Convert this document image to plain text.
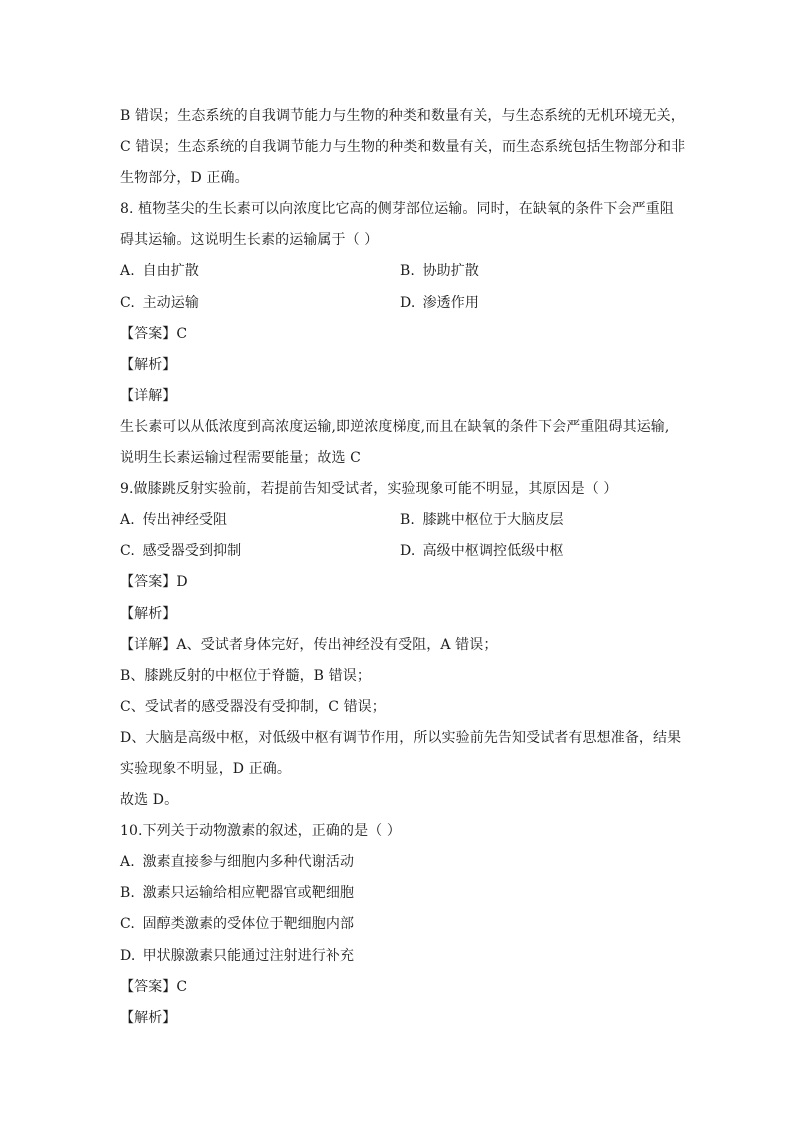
B 错误；生态系统的自我调节能力与生物的种类和数量有关，与生态系统的无机环境无关，
C 错误；生态系统的自我调节能力与生物的种类和数量有关，而生态系统包括生物部分和非
生物部分，D 正确。
8. 植物茎尖的生长素可以向浓度比它高的侧芽部位运输。同时，在缺氧的条件下会严重阻
碍其运输。这说明生长素的运输属于（ ）
A. 自由扩散	B. 协助扩散
C. 主动运输	D. 渗透作用
【答案】C
【解析】
【详解】
生长素可以从低浓度到高浓度运输,即逆浓度梯度,而且在缺氧的条件下会严重阻碍其运输,
说明生长素运输过程需要能量；故选 C
9.做膝跳反射实验前，若提前告知受试者，实验现象可能不明显，其原因是（ ）
A. 传出神经受阻	B. 膝跳中枢位于大脑皮层
C. 感受器受到抑制	D. 高级中枢调控低级中枢
【答案】D
【解析】
【详解】A、受试者身体完好，传出神经没有受阻，A 错误；
B、膝跳反射的中枢位于脊髓，B 错误；
C、受试者的感受器没有受抑制，C 错误；
D、大脑是高级中枢，对低级中枢有调节作用，所以实验前先告知受试者有思想准备，结果
实验现象不明显，D 正确。
故选 D。
10.下列关于动物激素的叙述，正确的是（ ）
A. 激素直接参与细胞内多种代谢活动
B. 激素只运输给相应靶器官或靶细胞
C. 固醇类激素的受体位于靶细胞内部
D. 甲状腺激素只能通过注射进行补充
【答案】C
【解析】
